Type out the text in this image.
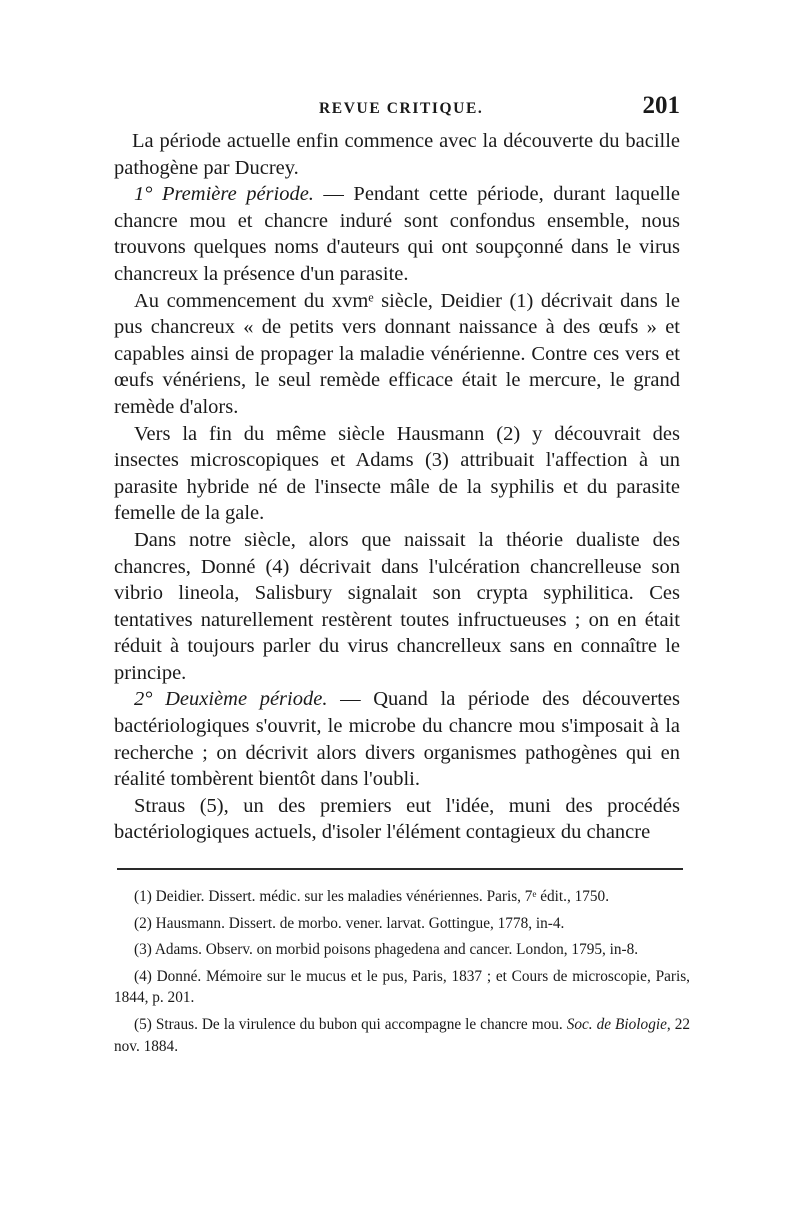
REVUE CRITIQUE.	201

La période actuelle enfin commence avec la découverte du bacille pathogène par Ducrey.

1° Première période. — Pendant cette période, durant laquelle chancre mou et chancre induré sont confondus ensemble, nous trouvons quelques noms d'auteurs qui ont soupçonné dans le virus chancreux la présence d'un parasite.

Au commencement du xvmᵉ siècle, Deidier (1) décrivait dans le pus chancreux « de petits vers donnant naissance à des œufs » et capables ainsi de propager la maladie vénérienne. Contre ces vers et œufs vénériens, le seul remède efficace était le mercure, le grand remède d'alors.

Vers la fin du même siècle Hausmann (2) y découvrait des insectes microscopiques et Adams (3) attribuait l'affection à un parasite hybride né de l'insecte mâle de la syphilis et du parasite femelle de la gale.

Dans notre siècle, alors que naissait la théorie dualiste des chancres, Donné (4) décrivait dans l'ulcération chancrelleuse son vibrio lineola, Salisbury signalait son crypta syphilitica. Ces tentatives naturellement restèrent toutes infructueuses ; on en était réduit à toujours parler du virus chancrelleux sans en connaître le principe.

2° Deuxième période. — Quand la période des découvertes bactériologiques s'ouvrit, le microbe du chancre mou s'imposait à la recherche ; on décrivit alors divers organismes pathogènes qui en réalité tombèrent bientôt dans l'oubli.

Straus (5), un des premiers eut l'idée, muni des procédés bactériologiques actuels, d'isoler l'élément contagieux du chancre

(1) Deidier. Dissert. médic. sur les maladies vénériennes. Paris, 7ᵉ édit., 1750.

(2) Hausmann. Dissert. de morbo. vener. larvat. Gottingue, 1778, in-4.

(3) Adams. Observ. on morbid poisons phagedena and cancer. London, 1795, in-8.

(4) Donné. Mémoire sur le mucus et le pus, Paris, 1837 ; et Cours de microscopie, Paris, 1844, p. 201.

(5) Straus. De la virulence du bubon qui accompagne le chancre mou. Soc. de Biologie, 22 nov. 1884.
